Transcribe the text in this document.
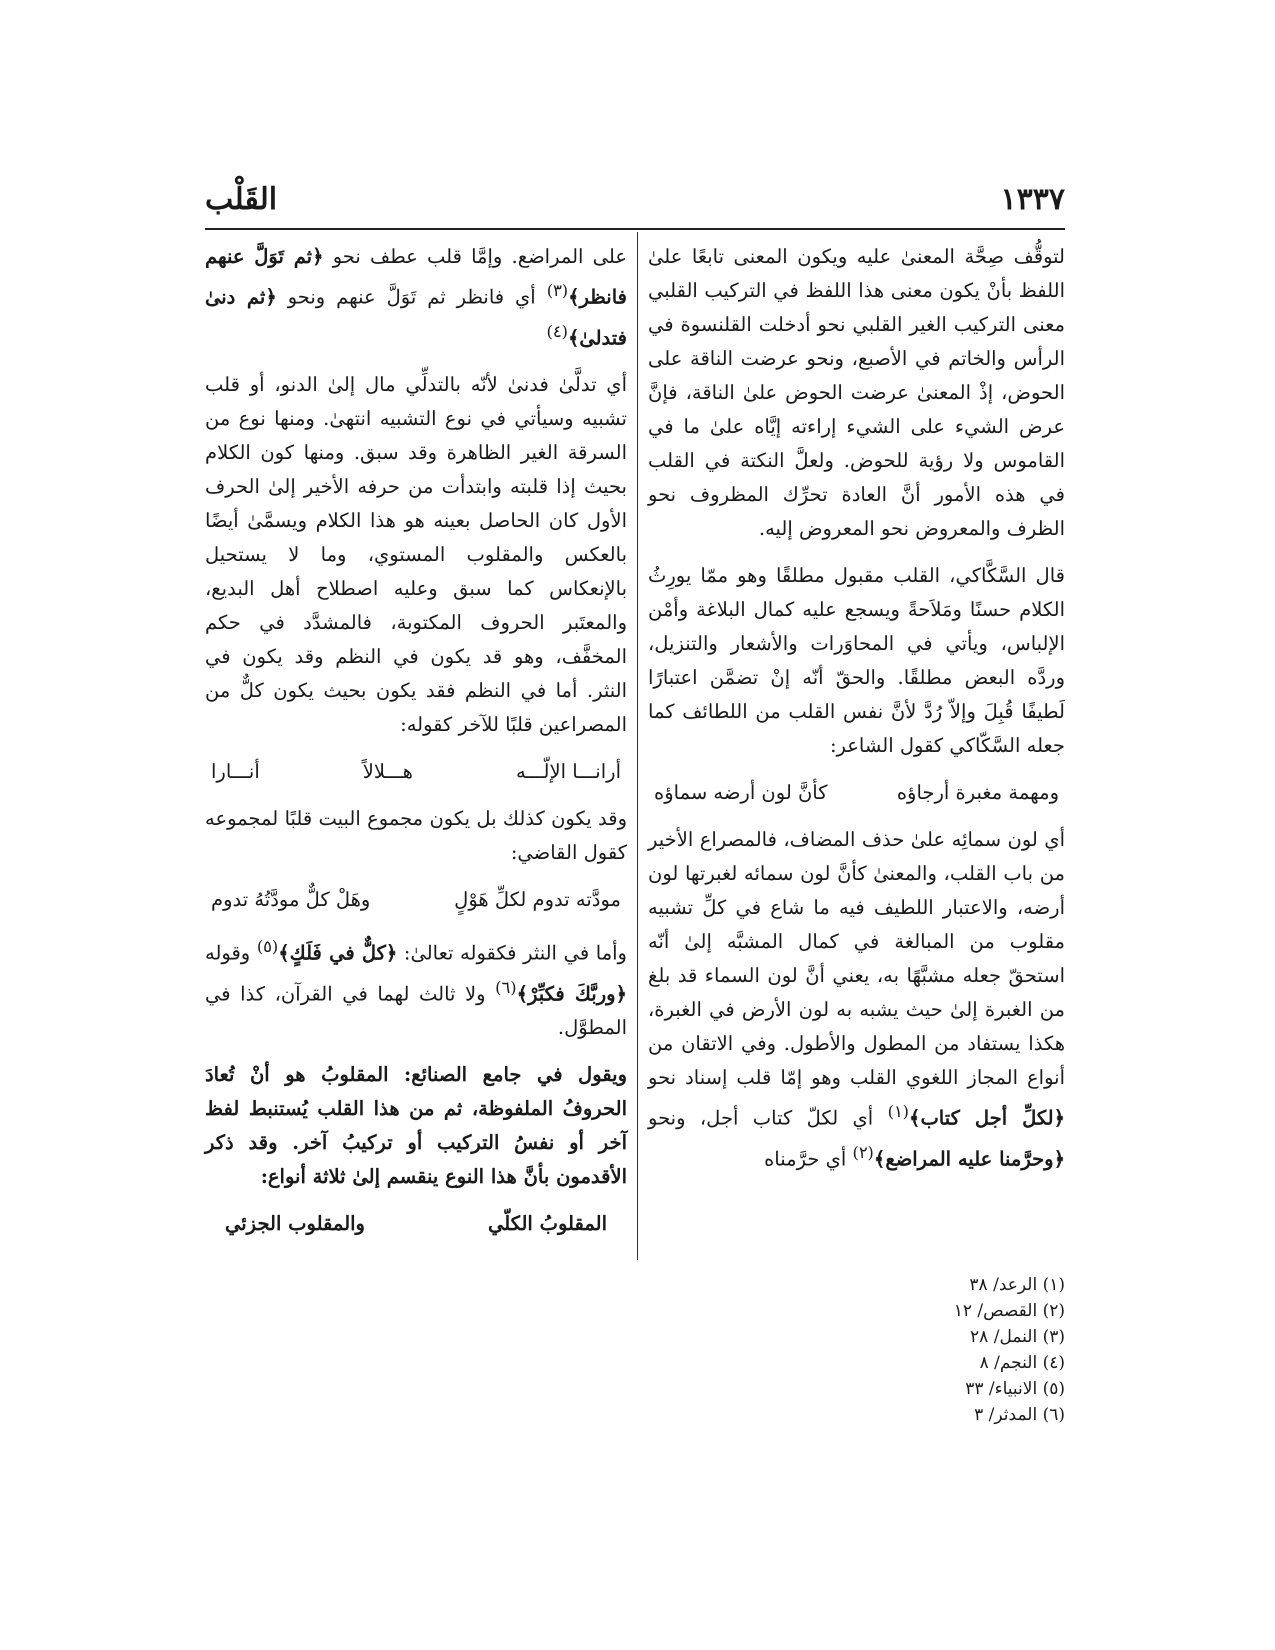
١٣٣٧
القَلْب

لتوقُّف صِحَّة المعنىٰ عليه ويكون المعنى تابعًا علىٰ اللفظ بأنْ يكون معنى هذا اللفظ في التركيب القلبي معنى التركيب الغير القلبي نحو أدخلت القلنسوة في الرأس والخاتم في الأصبع، ونحو عرضت الناقة على الحوض، إذْ المعنىٰ عرضت الحوض علىٰ الناقة، فإنَّ عرض الشيء على الشيء إراءته إيَّاه علىٰ ما في القاموس ولا رؤية للحوض. ولعلَّ النكتة في القلب في هذه الأمور أنَّ العادة تحرِّك المظروف نحو الظرف والمعروض نحو المعروض إليه.

قال السَّكَّاكي، القلب مقبول مطلقًا وهو ممّا يورِثُ الكلام حسنًا ومَلاَحةً ويسجع عليه كمال البلاغة وأمْن الإلباس، ويأتي في المحاوَرات والأشعار والتنزيل، وردَّه البعض مطلقًا. والحقّ أنّه إنْ تضمَّن اعتبارًا لَطيفًا قُبِلَ وإلاّ رُدَّ لأنَّ نفس القلب من اللطائف كما جعله السَّكّاكي كقول الشاعر:

ومهمة مغبرة أرجاؤه
كأنَّ لون أرضه سماؤه

أي لون سمائِه علىٰ حذف المضاف، فالمصراع الأخير من باب القلب، والمعنىٰ كأنَّ لون سمائه لغبرتها لون أرضه، والاعتبار اللطيف فيه ما شاع في كلِّ تشبيه مقلوب من المبالغة في كمال المشبَّه إلىٰ أنّه استحقّ جعله مشبَّهًا به، يعني أنَّ لون السماء قد بلغ من الغبرة إلىٰ حيث يشبه به لون الأرض في الغبرة، هكذا يستفاد من المطول والأطول. وفي الاتقان من أنواع المجاز اللغوي القلب وهو إمّا قلب إسناد نحو ﴿لكلِّ أجل كتاب﴾$^{(١)}$ أي لكلّ كتاب أجل، ونحو ﴿وحرَّمنا عليه المراضع﴾$^{(٢)}$ أي حرَّمناه

على المراضع. وإمَّا قلب عطف نحو ﴿ثم تَوَلَّ عنهم فانظر﴾$^{(٣)}$ أي فانظر ثم تَوَلَّ عنهم ونحو ﴿ثم دنىٰ فتدلىٰ﴾$^{(٤)}$

أي تدلَّىٰ فدنىٰ لأنّه بالتدلِّي مال إلىٰ الدنو، أو قلب تشبيه وسيأتي في نوع التشبيه انتهىٰ. ومنها نوع من السرقة الغير الظاهرة وقد سبق. ومنها كون الكلام بحيث إذا قلبته وابتدأت من حرفه الأخير إلىٰ الحرف الأول كان الحاصل بعينه هو هذا الكلام ويسمَّىٰ أيضًا بالعكس والمقلوب المستوي، وما لا يستحيل بالإنعكاس كما سبق وعليه اصطلاح أهل البديع، والمعتَبر الحروف المكتوبة، فالمشدَّد في حكم المخفَّف، وهو قد يكون في النظم وقد يكون في النثر. أما في النظم فقد يكون بحيث يكون كلٌّ من المصراعين قلبًا للآخر كقوله:

أرانـــا الإلّـــه
هـــلالاً
أنـــارا

وقد يكون كذلك بل يكون مجموع البيت قلبًا لمجموعه كقول القاضي:

مودَّته تدوم لكلِّ هَوْلٍ
وهَلْ كلٌّ مودَّتُهُ تدوم

وأما في النثر فكقوله تعالىٰ: ﴿كلٌّ في فَلَكٍ﴾$^{(٥)}$ وقوله ﴿وربَّكَ فكبِّرْ﴾$^{(٦)}$ ولا ثالث لهما في القرآن، كذا في المطوَّل.

ويقول في جامع الصنائع: المقلوبُ هو أنْ تُعادَ الحروفُ الملفوظة، ثم من هذا القلب يُستنبط لفظ آخر أو نفسُ التركيب أو تركيبُ آخر. وقد ذكر الأقدمون بأنَّ هذا النوع ينقسم إلىٰ ثلاثة أنواع:

المقلوبُ الكلّي
والمقلوب الجزئي
(١) الرعد/ ٣٨
(٢) القصص/ ١٢
(٣) النمل/ ٢٨
(٤) النجم/ ٨
(٥) الانبياء/ ٣٣
(٦) المدثر/ ٣
